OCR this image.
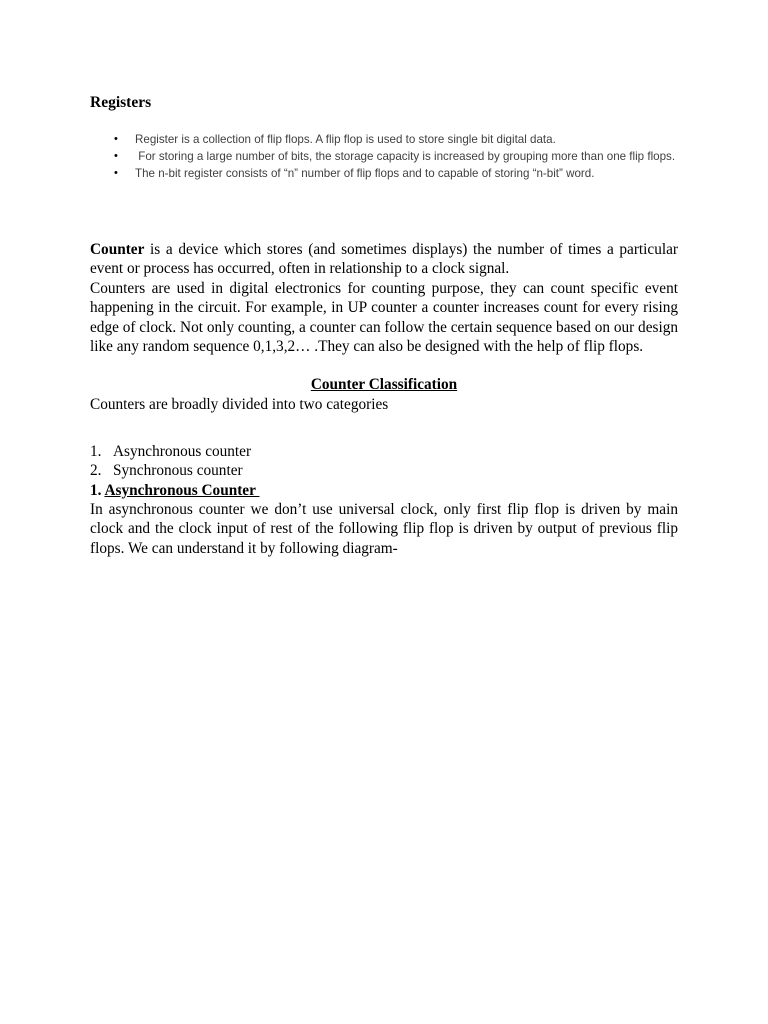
Registers
• Register is a collection of flip flops. A flip flop is used to store single bit digital data.
• For storing a large number of bits, the storage capacity is increased by grouping more than one flip flops.
• The n-bit register consists of “n” number of flip flops and to capable of storing “n-bit” word.

Counter is a device which stores (and sometimes displays) the number of times a particular event or process has occurred, often in relationship to a clock signal.

Counters are used in digital electronics for counting purpose, they can count specific event happening in the circuit. For example, in UP counter a counter increases count for every rising edge of clock. Not only counting, a counter can follow the certain sequence based on our design like any random sequence 0,1,3,2… .They can also be designed with the help of flip flops.

Counter Classification

Counters are broadly divided into two categories

1. Asynchronous counter
2. Synchronous counter
1. Asynchronous Counter

In asynchronous counter we don’t use universal clock, only first flip flop is driven by main clock and the clock input of rest of the following flip flop is driven by output of previous flip flops. We can understand it by following diagram-
